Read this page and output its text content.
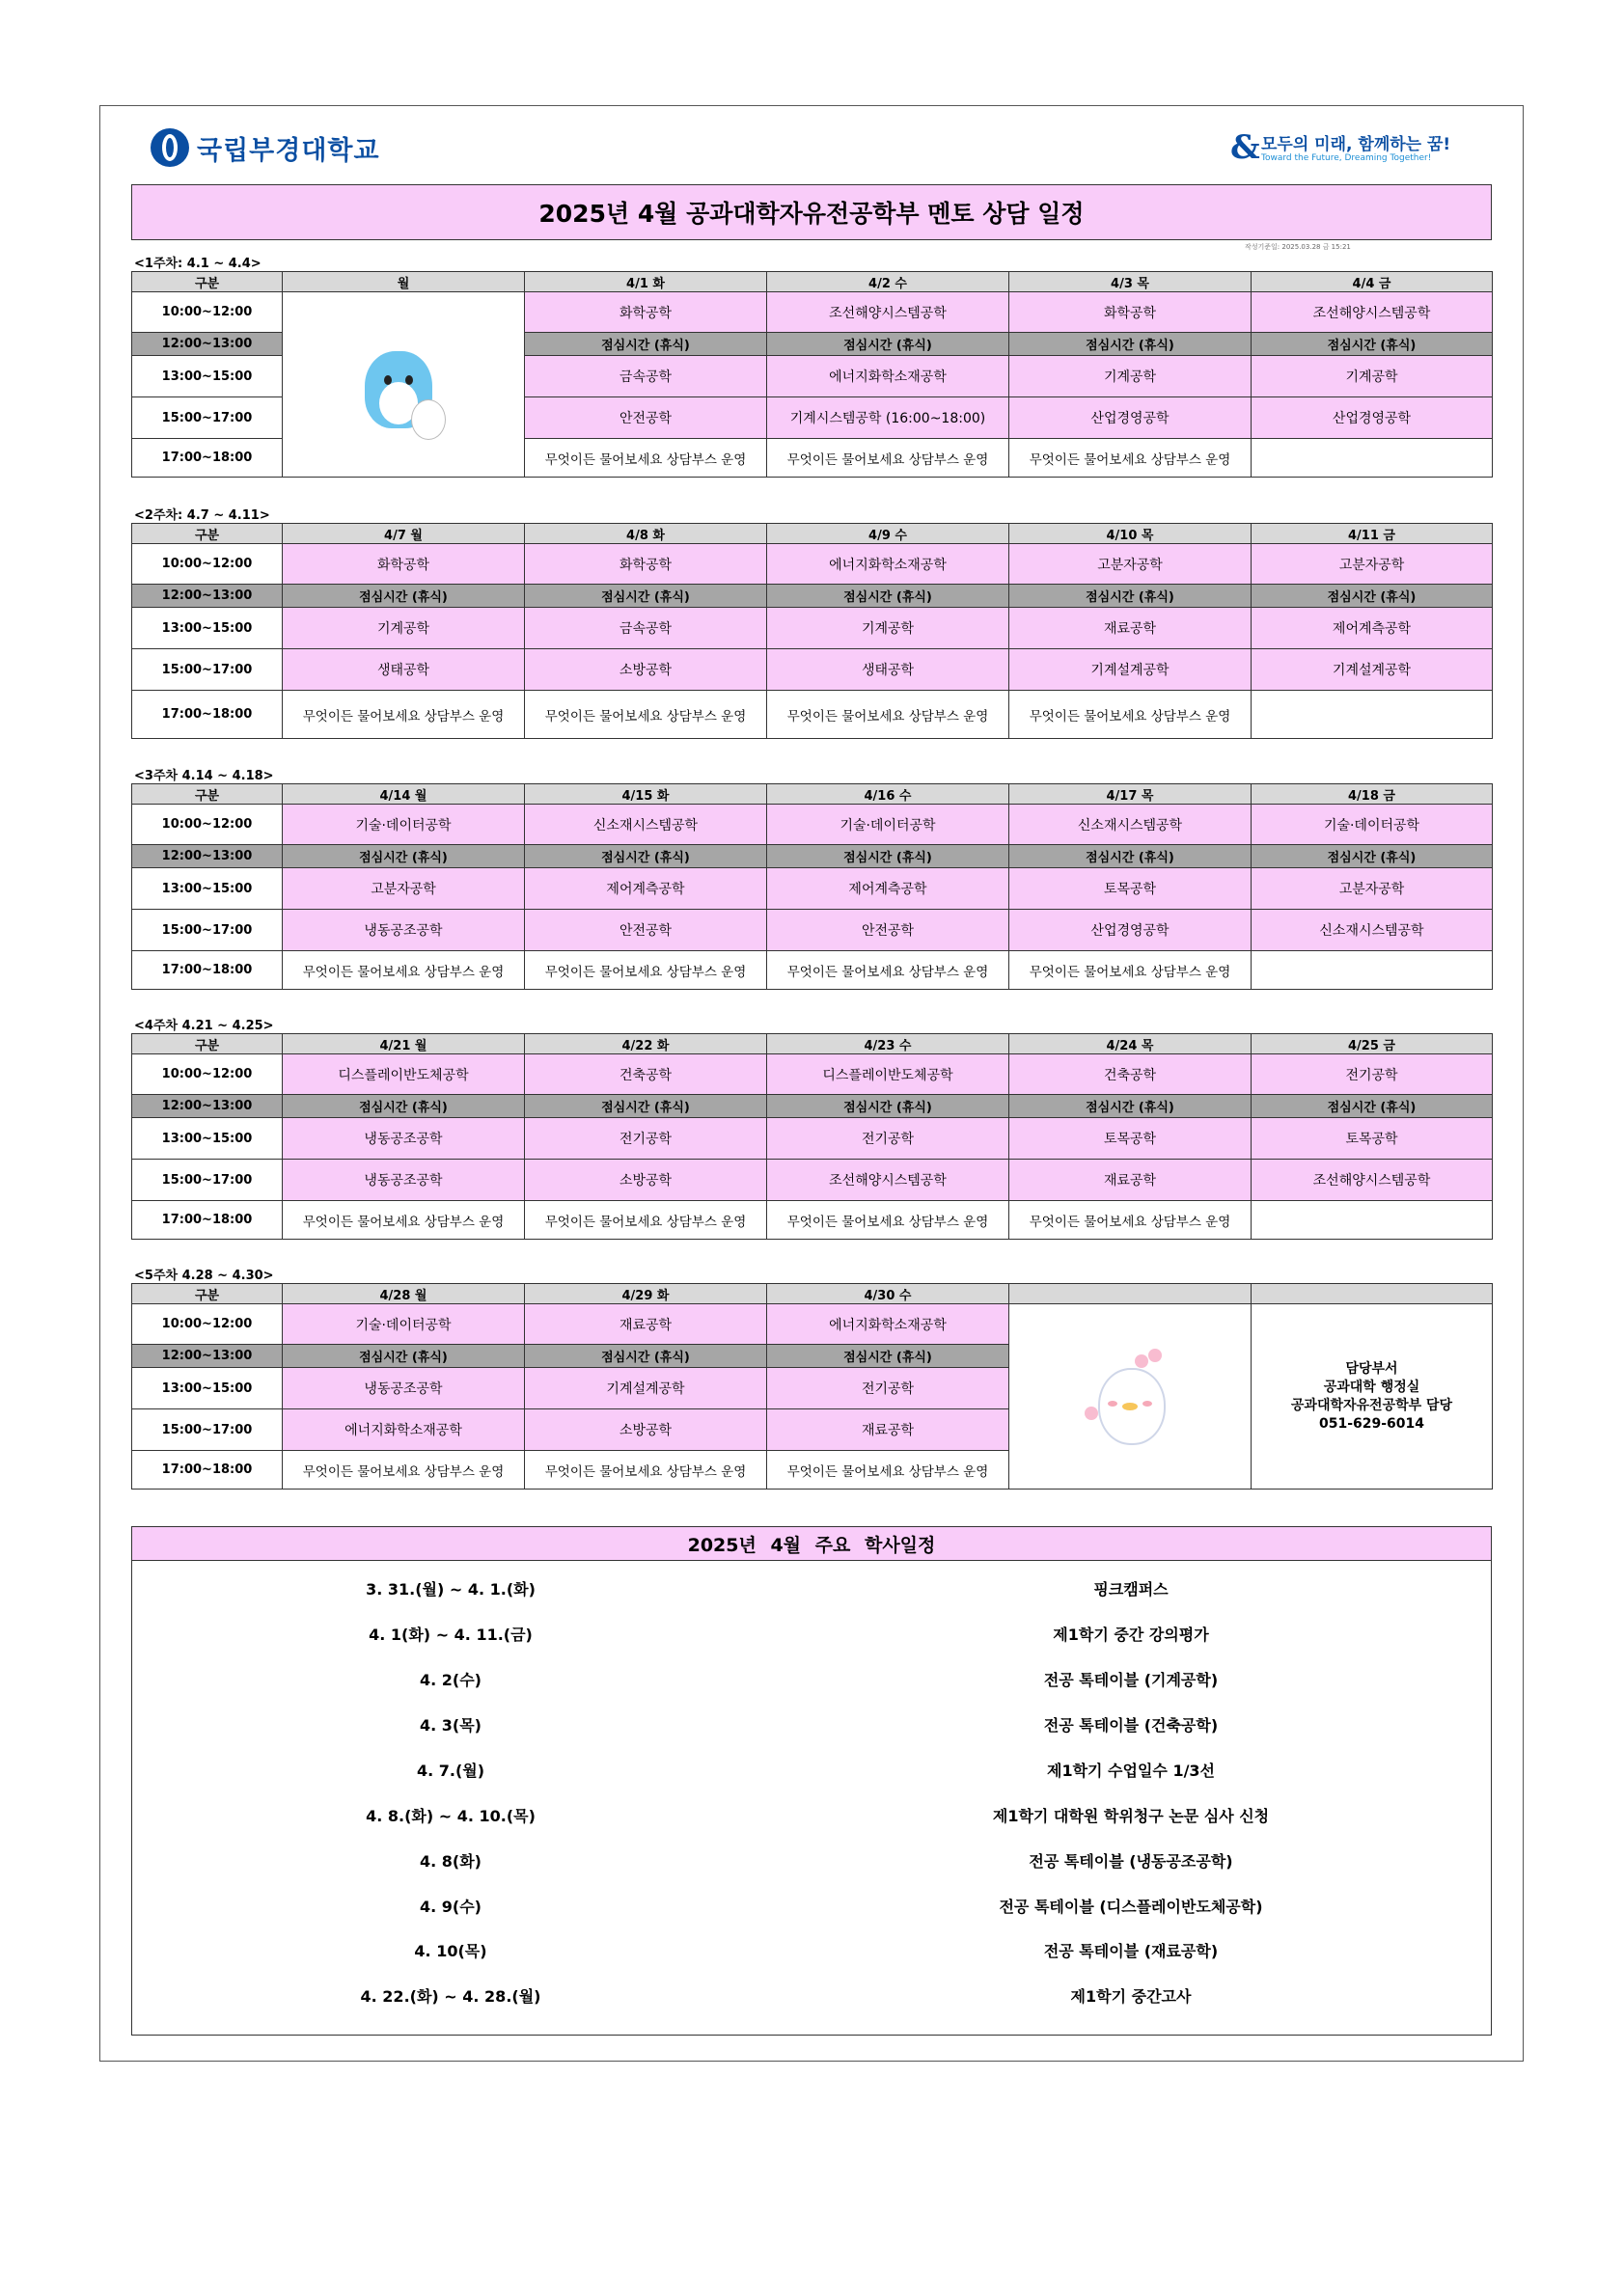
국립부경대학교	& 모두의 미래, 함께하는 꿈!
Toward the Future, Dreaming Together!
2025년 4월 공과대학자유전공학부 멘토 상담 일정
작성기준일: 2025.03.28 금 15:21
<1주차: 4.1 ~ 4.4>
구분	월	4/1 화	4/2 수	4/3 목	4/4 금
10:00~12:00		화학공학	조선해양시스템공학	화학공학	조선해양시스템공학
12:00~13:00		점심시간 (휴식)	점심시간 (휴식)	점심시간 (휴식)	점심시간 (휴식)
13:00~15:00		금속공학	에너지화학소재공학	기계공학	기계공학
15:00~17:00		안전공학	기계시스템공학 (16:00~18:00)	산업경영공학	산업경영공학
17:00~18:00		무엇이든 물어보세요 상담부스 운영	무엇이든 물어보세요 상담부스 운영	무엇이든 물어보세요 상담부스 운영	
<2주차: 4.7 ~ 4.11>
구분	4/7 월	4/8 화	4/9 수	4/10 목	4/11 금
10:00~12:00	화학공학	화학공학	에너지화학소재공학	고분자공학	고분자공학
12:00~13:00	점심시간 (휴식)	점심시간 (휴식)	점심시간 (휴식)	점심시간 (휴식)	점심시간 (휴식)
13:00~15:00	기계공학	금속공학	기계공학	재료공학	제어계측공학
15:00~17:00	생태공학	소방공학	생태공학	기계설계공학	기계설계공학
17:00~18:00	무엇이든 물어보세요 상담부스 운영	무엇이든 물어보세요 상담부스 운영	무엇이든 물어보세요 상담부스 운영	무엇이든 물어보세요 상담부스 운영	
<3주차 4.14 ~ 4.18>
구분	4/14 월	4/15 화	4/16 수	4/17 목	4/18 금
10:00~12:00	기술·데이터공학	신소재시스템공학	기술·데이터공학	신소재시스템공학	기술·데이터공학
12:00~13:00	점심시간 (휴식)	점심시간 (휴식)	점심시간 (휴식)	점심시간 (휴식)	점심시간 (휴식)
13:00~15:00	고분자공학	제어계측공학	제어계측공학	토목공학	고분자공학
15:00~17:00	냉동공조공학	안전공학	안전공학	산업경영공학	신소재시스템공학
17:00~18:00	무엇이든 물어보세요 상담부스 운영	무엇이든 물어보세요 상담부스 운영	무엇이든 물어보세요 상담부스 운영	무엇이든 물어보세요 상담부스 운영	
<4주차 4.21 ~ 4.25>
구분	4/21 월	4/22 화	4/23 수	4/24 목	4/25 금
10:00~12:00	디스플레이반도체공학	건축공학	디스플레이반도체공학	건축공학	전기공학
12:00~13:00	점심시간 (휴식)	점심시간 (휴식)	점심시간 (휴식)	점심시간 (휴식)	점심시간 (휴식)
13:00~15:00	냉동공조공학	전기공학	전기공학	토목공학	토목공학
15:00~17:00	냉동공조공학	소방공학	조선해양시스템공학	재료공학	조선해양시스템공학
17:00~18:00	무엇이든 물어보세요 상담부스 운영	무엇이든 물어보세요 상담부스 운영	무엇이든 물어보세요 상담부스 운영	무엇이든 물어보세요 상담부스 운영	
<5주차 4.28 ~ 4.30>
구분	4/28 월	4/29 화	4/30 수		
10:00~12:00	기술·데이터공학	재료공학	에너지화학소재공학		담당부서
공과대학 행정실
공과대학자유전공학부 담당
051-629-6014

12:00~13:00	점심시간 (휴식)	점심시간 (휴식)	점심시간 (휴식)		
13:00~15:00	냉동공조공학	기계설계공학	전기공학		
15:00~17:00	에너지화학소재공학	소방공학	재료공학		
17:00~18:00	무엇이든 물어보세요 상담부스 운영	무엇이든 물어보세요 상담부스 운영	무엇이든 물어보세요 상담부스 운영		
2025년 4월 주요 학사일정
3. 31.(월) ~ 4. 1.(화)	핑크캠퍼스
4. 1(화) ~ 4. 11.(금)	제1학기 중간 강의평가
4. 2(수)	전공 톡테이블 (기계공학)
4. 3(목)	전공 톡테이블 (건축공학)
4. 7.(월)	제1학기 수업일수 1/3선
4. 8.(화) ~ 4. 10.(목)	제1학기 대학원 학위청구 논문 심사 신청
4. 8(화)	전공 톡테이블 (냉동공조공학)
4. 9(수)	전공 톡테이블 (디스플레이반도체공학)
4. 10(목)	전공 톡테이블 (재료공학)
4. 22.(화) ~ 4. 28.(월)	제1학기 중간고사
